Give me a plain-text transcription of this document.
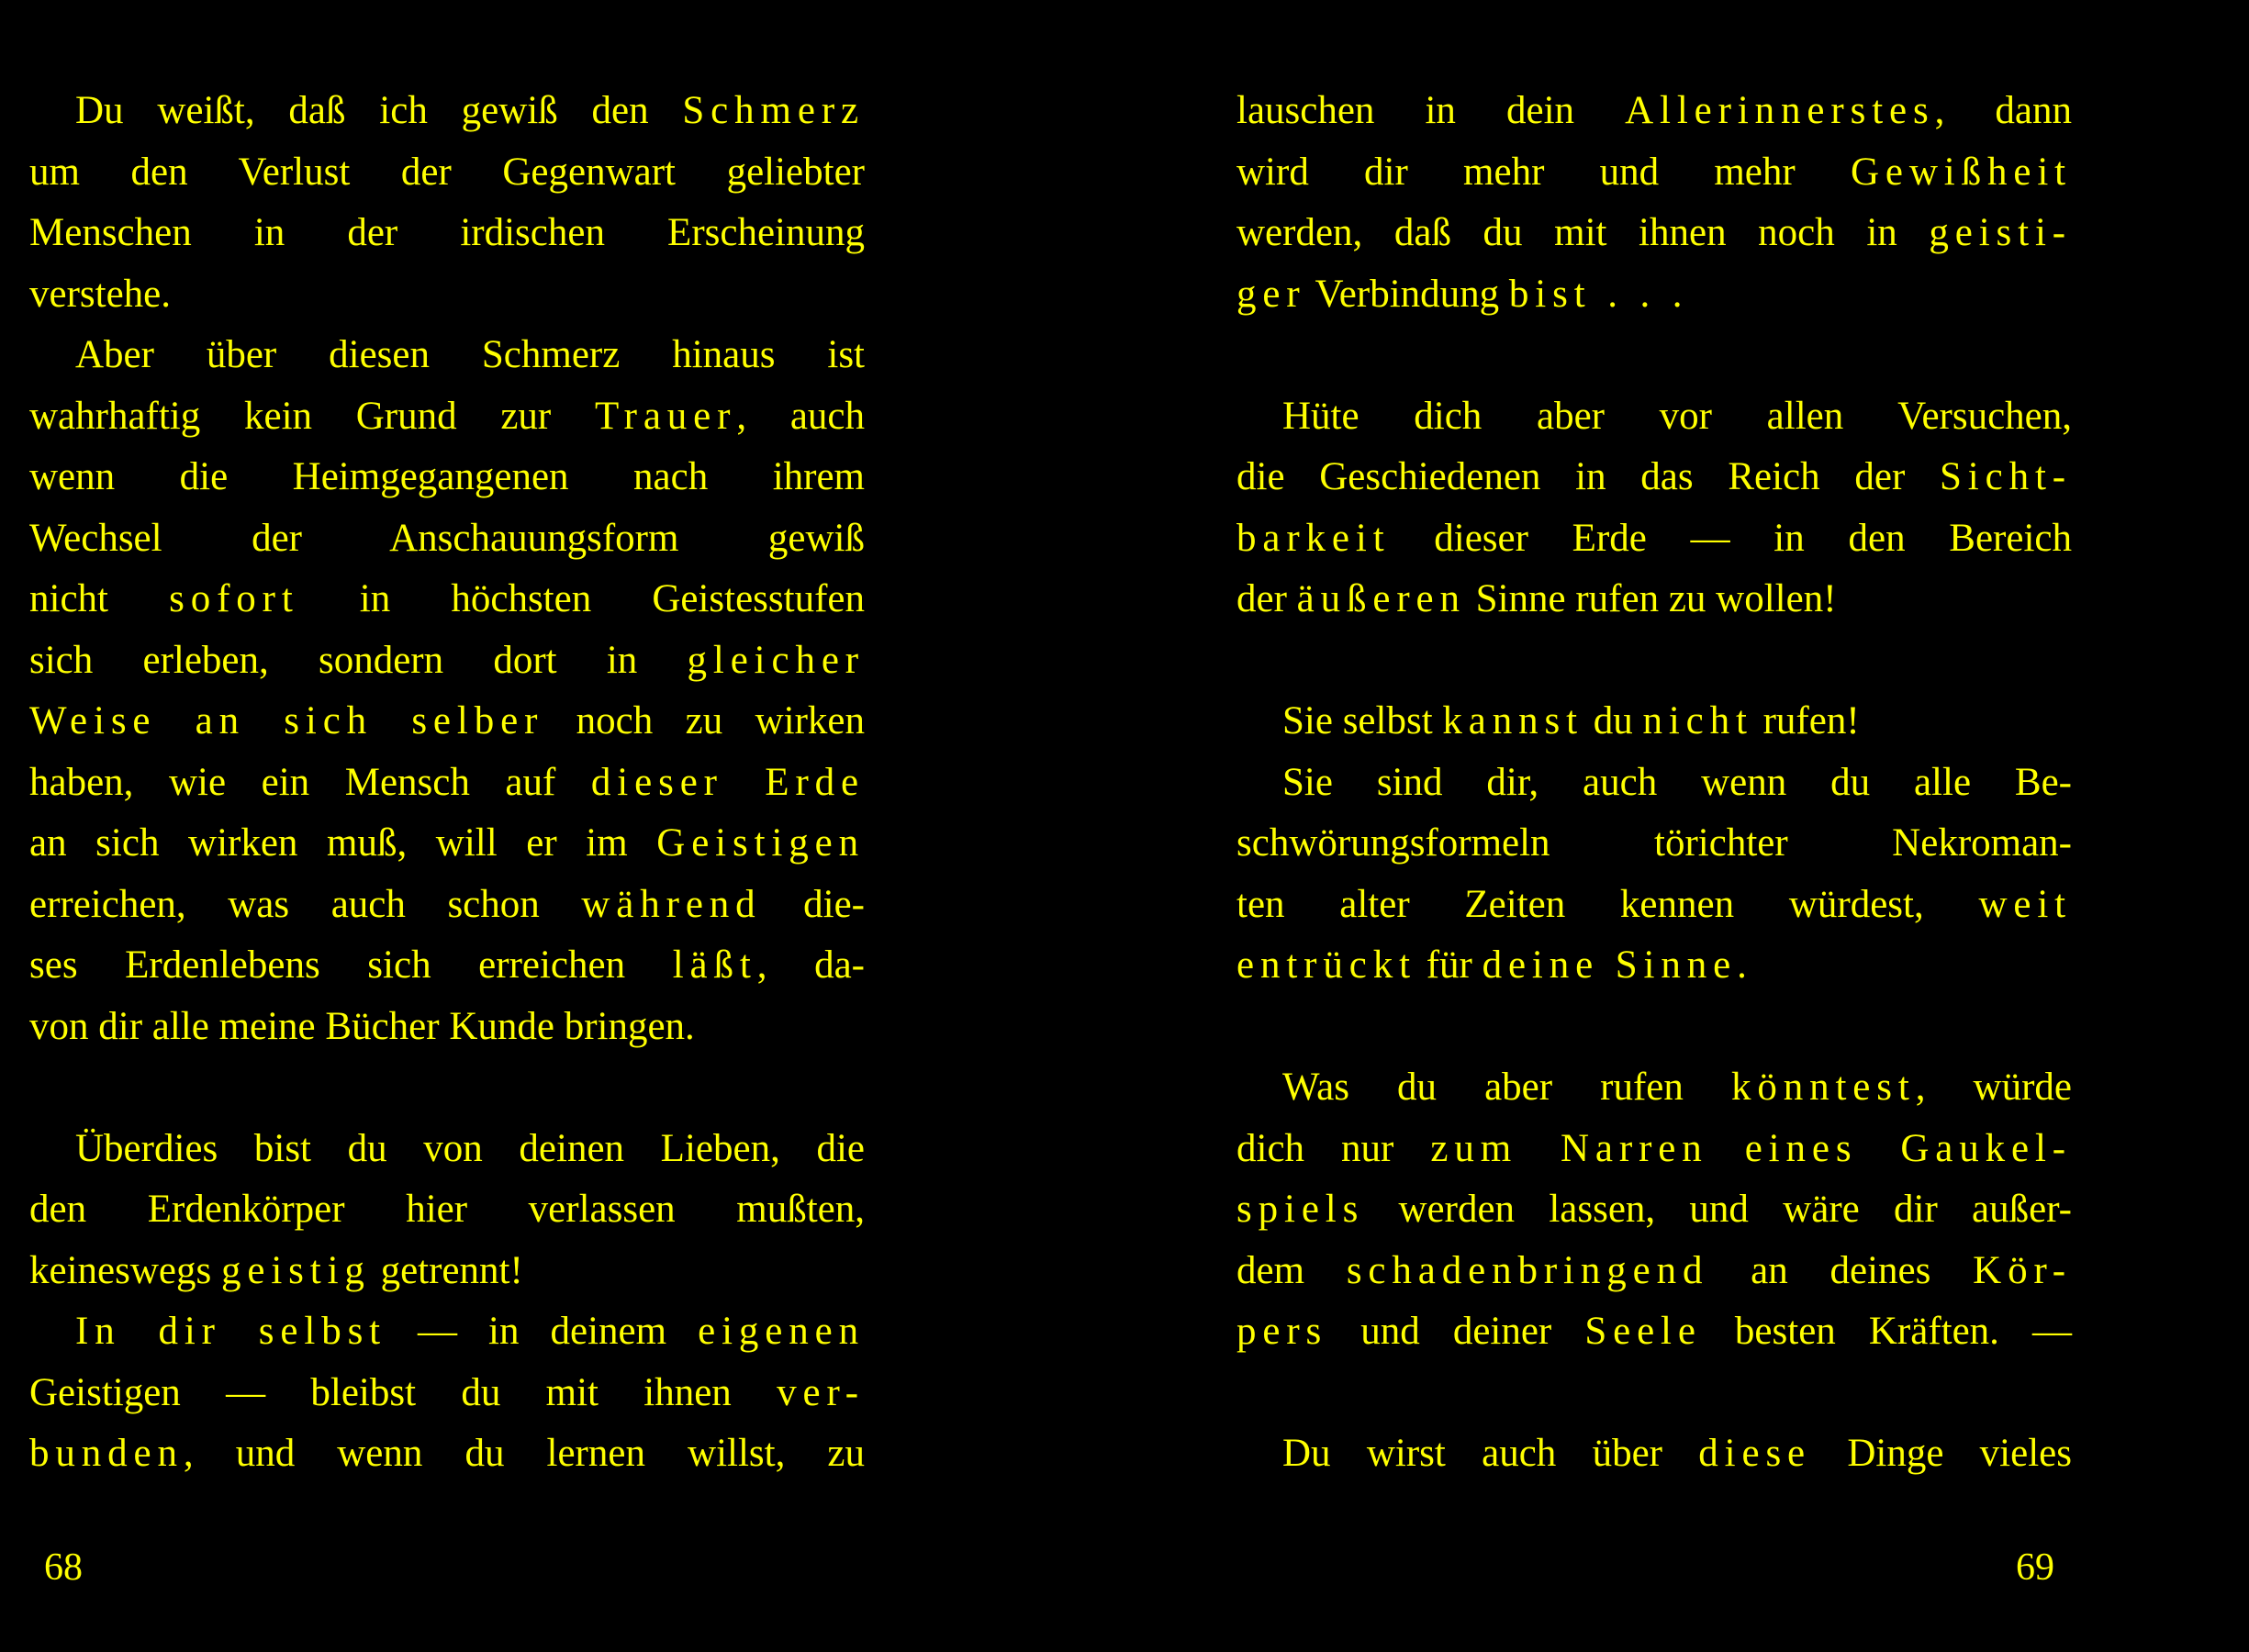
Du weißt, daß ich gewiß den Schmerz
um den Verlust der Gegenwart geliebter
Menschen in der irdischen Erscheinung
verstehe.
Aber über diesen Schmerz hinaus ist
wahrhaftig kein Grund zur Trauer, auch
wenn die Heimgegangenen nach ihrem
Wechsel der Anschauungsform gewiß
nicht sofort in höchsten Geistesstufen
sich erleben, sondern dort in gleicher
Weise an sich selber noch zu wirken
haben, wie ein Mensch auf dieser Erde
an sich wirken muß, will er im Geistigen
erreichen, was auch schon während die-
ses Erdenlebens sich erreichen läßt, da-
von dir alle meine Bücher Kunde bringen.
Überdies bist du von deinen Lieben, die
den Erdenkörper hier verlassen mußten,
keineswegs geistig getrennt!
In dir selbst — in deinem eigenen
Geistigen — bleibst du mit ihnen ver-
bunden, und wenn du lernen willst, zu
68
lauschen in dein Allerinnerstes, dann
wird dir mehr und mehr Gewißheit
werden, daß du mit ihnen noch in geisti-
ger Verbindung bist . . .
Hüte dich aber vor allen Versuchen,
die Geschiedenen in das Reich der Sicht-
barkeit dieser Erde — in den Bereich
der äußeren Sinne rufen zu wollen!
Sie selbst kannst du nicht rufen!
Sie sind dir, auch wenn du alle Be-
schwörungsformeln törichter Nekroman-
ten alter Zeiten kennen würdest, weit
entrückt für deine Sinne.
Was du aber rufen könntest, würde
dich nur zum Narren eines Gaukel-
spiels werden lassen, und wäre dir außer-
dem schadenbringend an deines Kör-
pers und deiner Seele besten Kräften. —
Du wirst auch über diese Dinge vieles
69
